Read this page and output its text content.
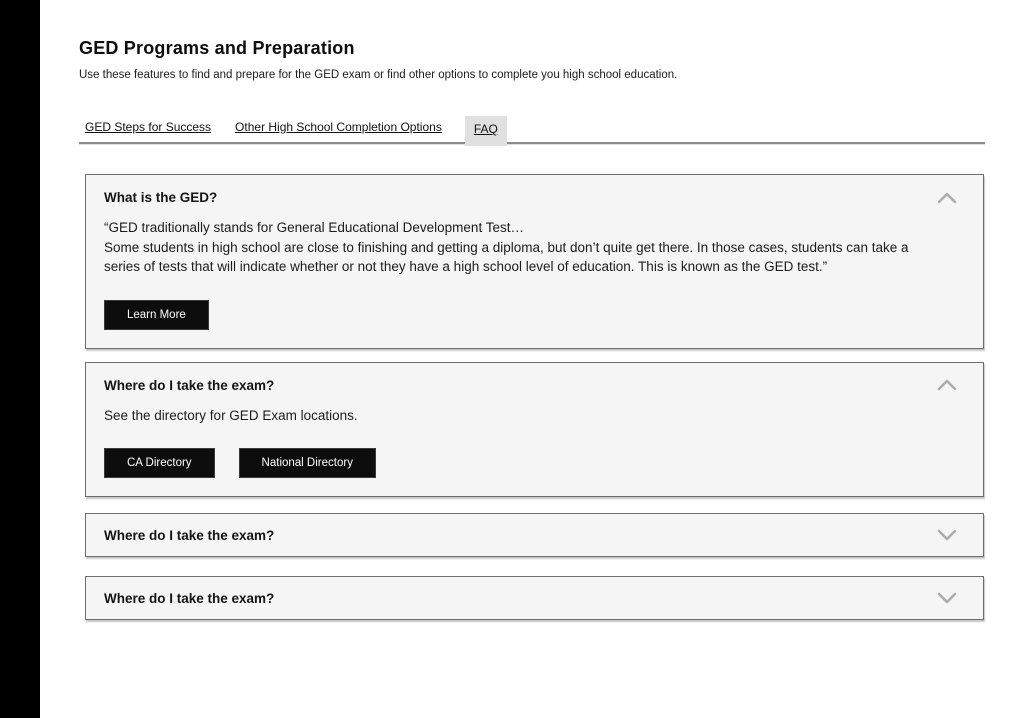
GED Programs and Preparation

Use these features to find and prepare for the GED exam or find other options to complete you high school education.

GED Steps for Success Other High School Completion Options	FAQ
What is the GED?

“GED traditionally stands for General Educational Development Test…
Some students in high school are close to finishing and getting a diploma, but don’t quite get there. In those cases, students can take a series of tests that will indicate whether or not they have a high school level of education. This is known as the GED test.”

Learn More
Where do I take the exam?

See the directory for GED Exam locations.

CA Directory	National Directory
Where do I take the exam?
Where do I take the exam?
